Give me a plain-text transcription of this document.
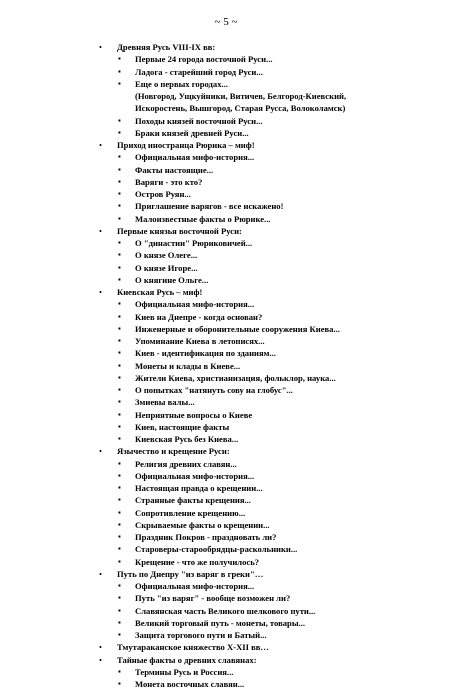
~ 5 ~
• Древняя Русь VIII-IX вв:
▪ Первые 24 города восточной Руси...
▪ Ладога - старейший город Руси...
▪ Еще о первых городах...
(Новгород, Ущкуйники, Витичев, Белгород-Киевский,
Искоростень, Вышгород, Старая Русса, Волоколамск)
▪ Походы князей восточной Руси...
▪ Браки князей древней Руси...
• Приход иностранца Рюрика – миф!
▪ Официальная мифо-история...
▪ Факты настоящие...
▪ Варяги - это кто?
▪ Остров Руян...
▪ Приглашение варягов - все искажено!
▪ Малоизвестные факты о Рюрике...
• Первые князья восточной Руси:
▪ О "династии" Рюриковичей...
▪ О князе Олеге...
▪ О князе Игоре...
▪ О княгине Ольге...
• Киевская Русь – миф!
▪ Официальная мифо-история...
▪ Киев на Днепре - когда основан?
▪ Инженерные и оборонительные сооружения Киева...
▪ Упоминание Киева в летописях...
▪ Киев - идентификация по зданиям...
▪ Монеты и клады в Киеве...
▪ Жители Киева, христианизация, фольклор, наука...
▪ О попытках "натянуть сову на глобус"...
▪ Змиевы валы...
▪ Неприятные вопросы о Киеве
▪ Киев, настоящие факты
▪ Киевская Русь без Киева...
• Язычество и крещение Руси:
▪ Религия древних славян...
▪ Официальная мифо-история...
▪ Настоящая правда о крещении...
▪ Странные факты крещения...
▪ Сопротивление крещению...
▪ Скрываемые факты о крещении...
▪ Праздник Покров - праздновать ли?
▪ Староверы-старообрядцы-раскольники...
▪ Крещение - что же получилось?
• Путь по Днепру "из варяг в греки"…
▪ Официальная мифо-история...
▪ Путь "из варяг" - вообще возможен ли?
▪ Славянская часть Великого шелкового пути...
▪ Великий торговый путь - монеты, товары...
▪ Защита торгового пути и Батый...
• Тмутараканское княжество X-XII вв…
• Тайные факты о древних славянах:
▪ Термины Русь и Россия...
▪ Монета восточных славян...
